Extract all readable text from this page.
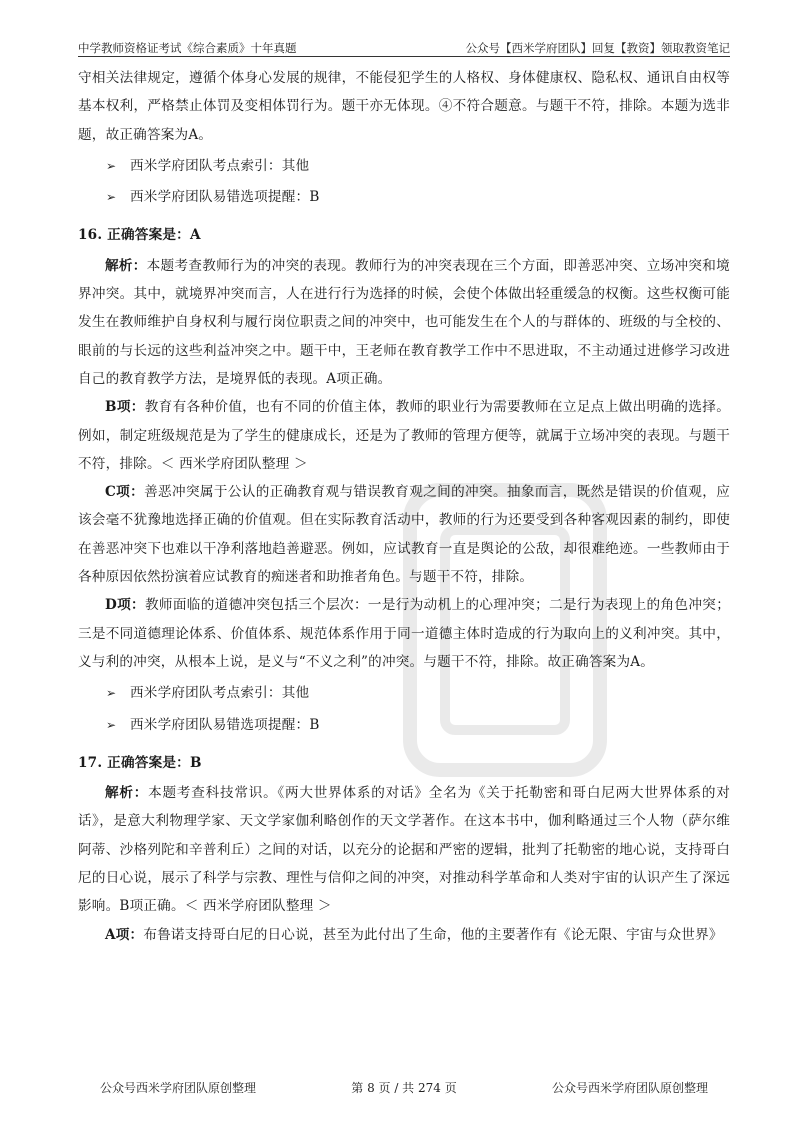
中学教师资格证考试《综合素质》十年真题	公众号【西米学府团队】回复【教资】领取教资笔记

守相关法律规定，遵循个体身心发展的规律，不能侵犯学生的人格权、身体健康权、隐私权、通讯自由权等基本权利，严格禁止体罚及变相体罚行为。题干亦无体现。④不符合题意。与题干不符，排除。本题为选非题，故正确答案为A。

➢	西米学府团队考点索引：其他
➢	西米学府团队易错选项提醒：B
16. 正确答案是：A

解析：本题考查教师行为的冲突的表现。教师行为的冲突表现在三个方面，即善恶冲突、立场冲突和境界冲突。其中，就境界冲突而言，人在进行行为选择的时候，会使个体做出轻重缓急的权衡。这些权衡可能发生在教师维护自身权利与履行岗位职责之间的冲突中，也可能发生在个人的与群体的、班级的与全校的、眼前的与长远的这些利益冲突之中。题干中，王老师在教育教学工作中不思进取，不主动通过进修学习改进自己的教育教学方法，是境界低的表现。A项正确。

B项：教育有各种价值，也有不同的价值主体，教师的职业行为需要教师在立足点上做出明确的选择。例如，制定班级规范是为了学生的健康成长，还是为了教师的管理方便等，就属于立场冲突的表现。与题干不符，排除。＜ 西米学府团队整理 ＞

C项：善恶冲突属于公认的正确教育观与错误教育观之间的冲突。抽象而言，既然是错误的价值观，应该会毫不犹豫地选择正确的价值观。但在实际教育活动中，教师的行为还要受到各种客观因素的制约，即使在善恶冲突下也难以干净利落地趋善避恶。例如，应试教育一直是舆论的公敌，却很难绝迹。一些教师由于各种原因依然扮演着应试教育的痴迷者和助推者角色。与题干不符，排除。

D项：教师面临的道德冲突包括三个层次：一是行为动机上的心理冲突；二是行为表现上的角色冲突；三是不同道德理论体系、价值体系、规范体系作用于同一道德主体时造成的行为取向上的义利冲突。其中，义与利的冲突，从根本上说，是义与“不义之利”的冲突。与题干不符，排除。故正确答案为A。

➢	西米学府团队考点索引：其他
➢	西米学府团队易错选项提醒：B
17. 正确答案是：B

解析：本题考查科技常识。《两大世界体系的对话》全名为《关于托勒密和哥白尼两大世界体系的对话》，是意大利物理学家、天文学家伽利略创作的天文学著作。在这本书中，伽利略通过三个人物（萨尔维阿蒂、沙格列陀和辛普利丘）之间的对话，以充分的论据和严密的逻辑，批判了托勒密的地心说，支持哥白尼的日心说，展示了科学与宗教、理性与信仰之间的冲突，对推动科学革命和人类对宇宙的认识产生了深远影响。B项正确。＜ 西米学府团队整理 ＞

A项：布鲁诺支持哥白尼的日心说，甚至为此付出了生命，他的主要著作有《论无限、宇宙与众世界》

公众号西米学府团队原创整理	第 8 页 / 共 274 页	公众号西米学府团队原创整理
